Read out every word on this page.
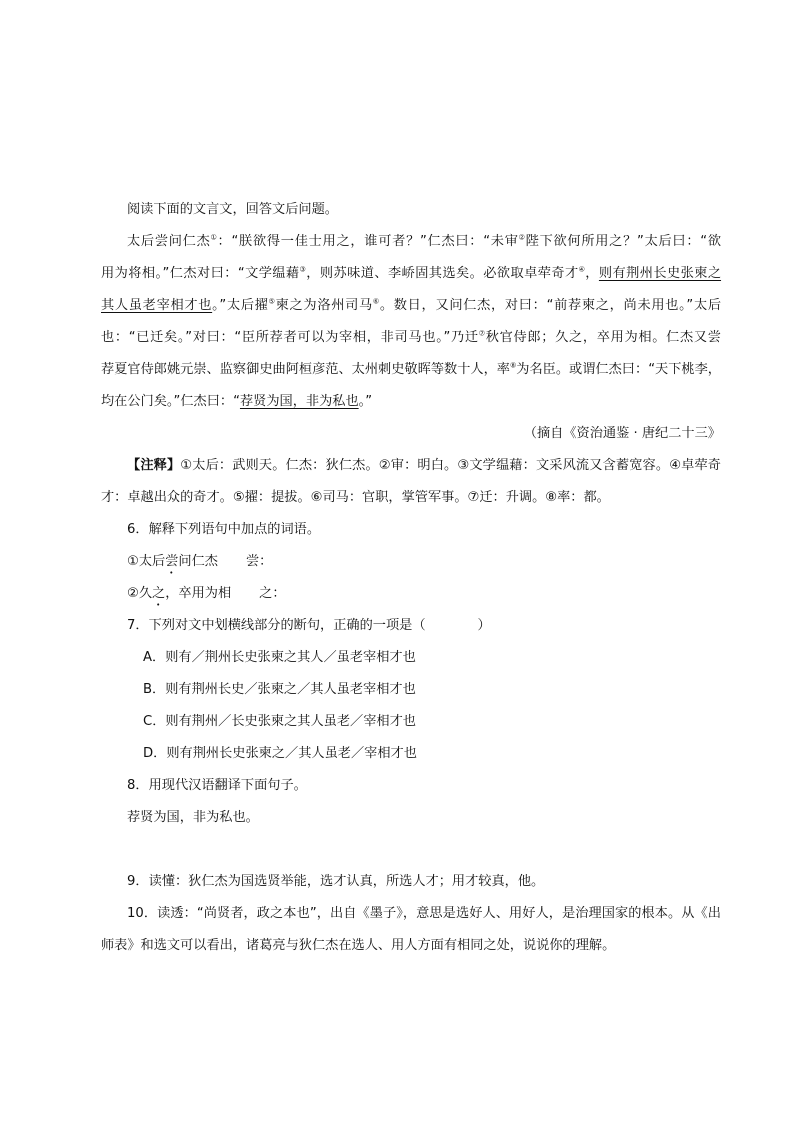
阅读下面的文言文，回答文后问题。

太后尝问仁杰①：“朕欲得一佳士用之，谁可者？”仁杰曰：“未审②陛下欲何所用之？”太后曰：“欲

用为将相。”仁杰对曰：“文学缊藉③，则苏味道、李峤固其选矣。必欲取卓荦奇才④，则有荆州长史张柬之

其人虽老宰相才也。”太后擢⑤柬之为洛州司马⑥。数日，又问仁杰，对曰：“前荐柬之，尚未用也。”太后

也：“已迁矣。”对曰：“臣所荐者可以为宰相，非司马也。”乃迁⑦秋官侍郎；久之，卒用为相。仁杰又尝

荐夏官侍郎姚元崇、监察御史曲阿桓彦范、太州刺史敬晖等数十人，率⑧为名臣。或谓仁杰曰：“天下桃李，

均在公门矣。”仁杰曰：“荐贤为国，非为私也。”

（摘自《资治通鉴 · 唐纪二十三》

【注释】①太后：武则天。仁杰：狄仁杰。②审：明白。③文学缊藉：文采风流又含蓄宽容。④卓荦奇

才：卓越出众的奇才。⑤擢：提拔。⑥司马：官职，掌管军事。⑦迁：升调。⑧率：都。

6．解释下列语句中加点的词语。

①太后尝问仁杰 尝：

②久之，卒用为相 之：

7．下列对文中划横线部分的断句，正确的一项是（	）

A．则有／荆州长史张柬之其人／虽老宰相才也

B．则有荆州长史／张柬之／其人虽老宰相才也

C．则有荆州／长史张柬之其人虽老／宰相才也

D．则有荆州长史张柬之／其人虽老／宰相才也

8．用现代汉语翻译下面句子。

荐贤为国，非为私也。

9．读懂：狄仁杰为国选贤举能，选才认真，所选人才；用才较真，他。

10．读透：“尚贤者，政之本也”，出自《墨子》，意思是选好人、用好人，是治理国家的根本。从《出

师表》和选文可以看出，诸葛亮与狄仁杰在选人、用人方面有相同之处，说说你的理解。
